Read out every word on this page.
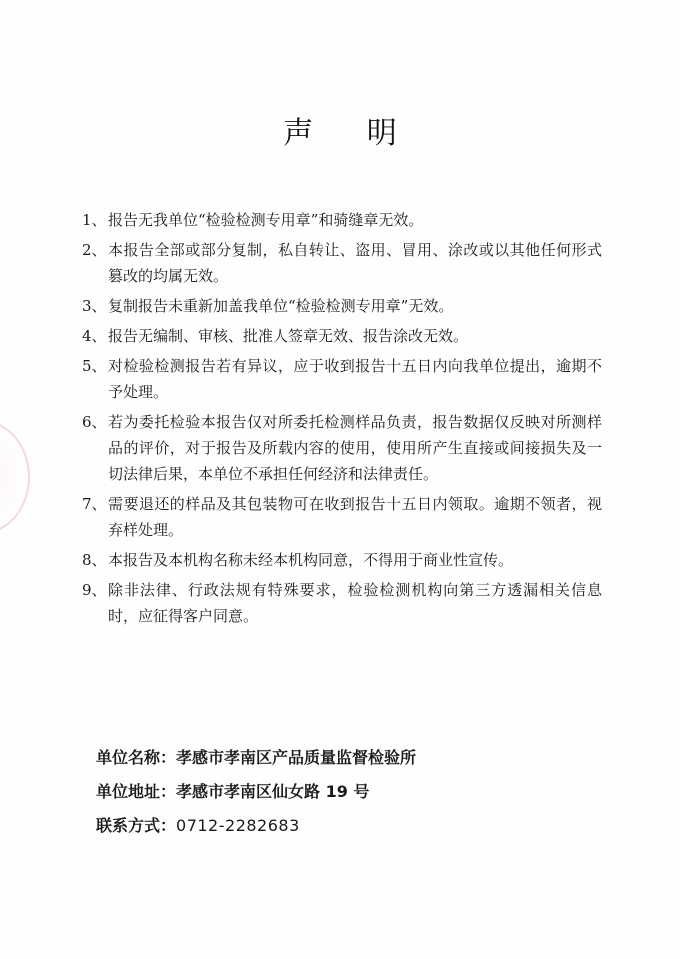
声 明
1、 报告无我单位“检验检测专用章”和骑缝章无效。
2、 本报告全部或部分复制，私自转让、盗用、冒用、涂改或以其他任何形式篡改的均属无效。
3、 复制报告未重新加盖我单位“检验检测专用章”无效。
4、 报告无编制、审核、批准人签章无效、报告涂改无效。
5、 对检验检测报告若有异议，应于收到报告十五日内向我单位提出，逾期不予处理。
6、 若为委托检验本报告仅对所委托检测样品负责，报告数据仅反映对所测样品的评价，对于报告及所载内容的使用，使用所产生直接或间接损失及一切法律后果，本单位不承担任何经济和法律责任。
7、 需要退还的样品及其包装物可在收到报告十五日内领取。逾期不领者，视弃样处理。
8、 本报告及本机构名称未经本机构同意，不得用于商业性宣传。
9、 除非法律、行政法规有特殊要求，检验检测机构向第三方透漏相关信息时，应征得客户同意。
单位名称：孝感市孝南区产品质量监督检验所
单位地址：孝感市孝南区仙女路 19 号
联系方式：0712-2282683
